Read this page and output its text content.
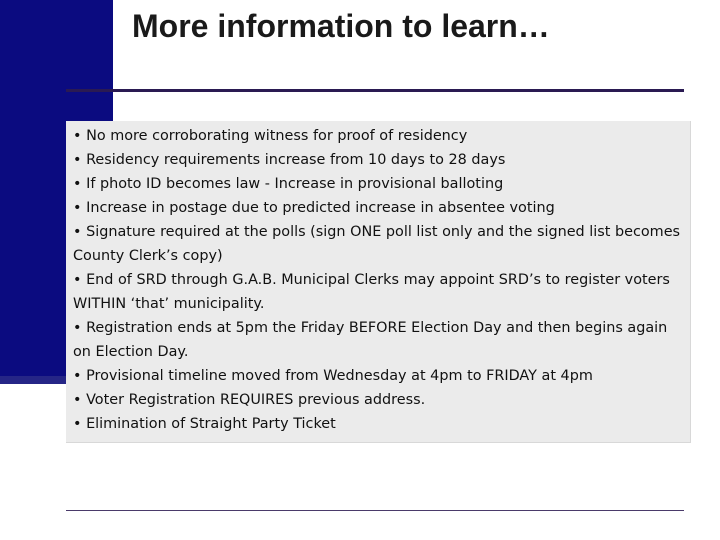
More information to learn…
• No more corroborating witness for proof of residency
• Residency requirements increase from 10 days to 28 days
• If photo ID becomes law - Increase in provisional balloting
• Increase in postage due to predicted increase in absentee voting
• Signature required at the polls (sign ONE poll list only and the signed list becomes County Clerk’s copy)
• End of SRD through G.A.B. Municipal Clerks may appoint SRD’s to register voters WITHIN ‘that’ municipality.
• Registration ends at 5pm the Friday BEFORE Election Day and then begins again on Election Day.
• Provisional timeline moved from Wednesday at 4pm to FRIDAY at 4pm
• Voter Registration REQUIRES previous address.
• Elimination of Straight Party Ticket
